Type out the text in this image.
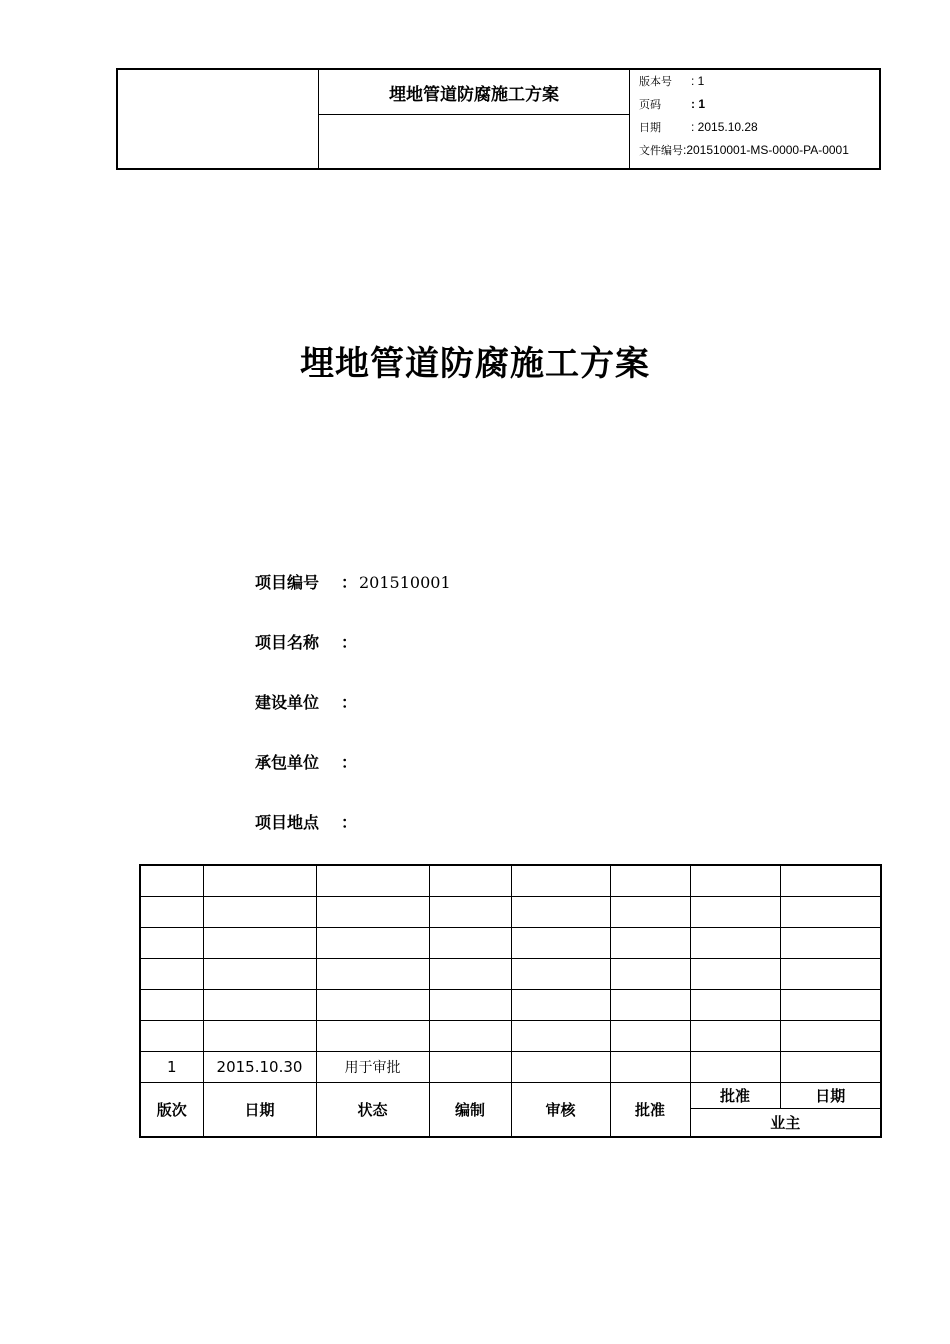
	埋地管道防腐施工方案	
版本号 : 1
页码	: 1
日期	: 2015.10.28
文件编号:201510001-MS-0000-PA-0001

埋地管道防腐施工方案
项目编号 ： 201510001
项目名称 ：
建设单位 ：
承包单位 ：
项目地点 ：

1	2015.10.30	用于审批					
版次	日期	状态	编制	审核	批准	批准	日期
						业主	
